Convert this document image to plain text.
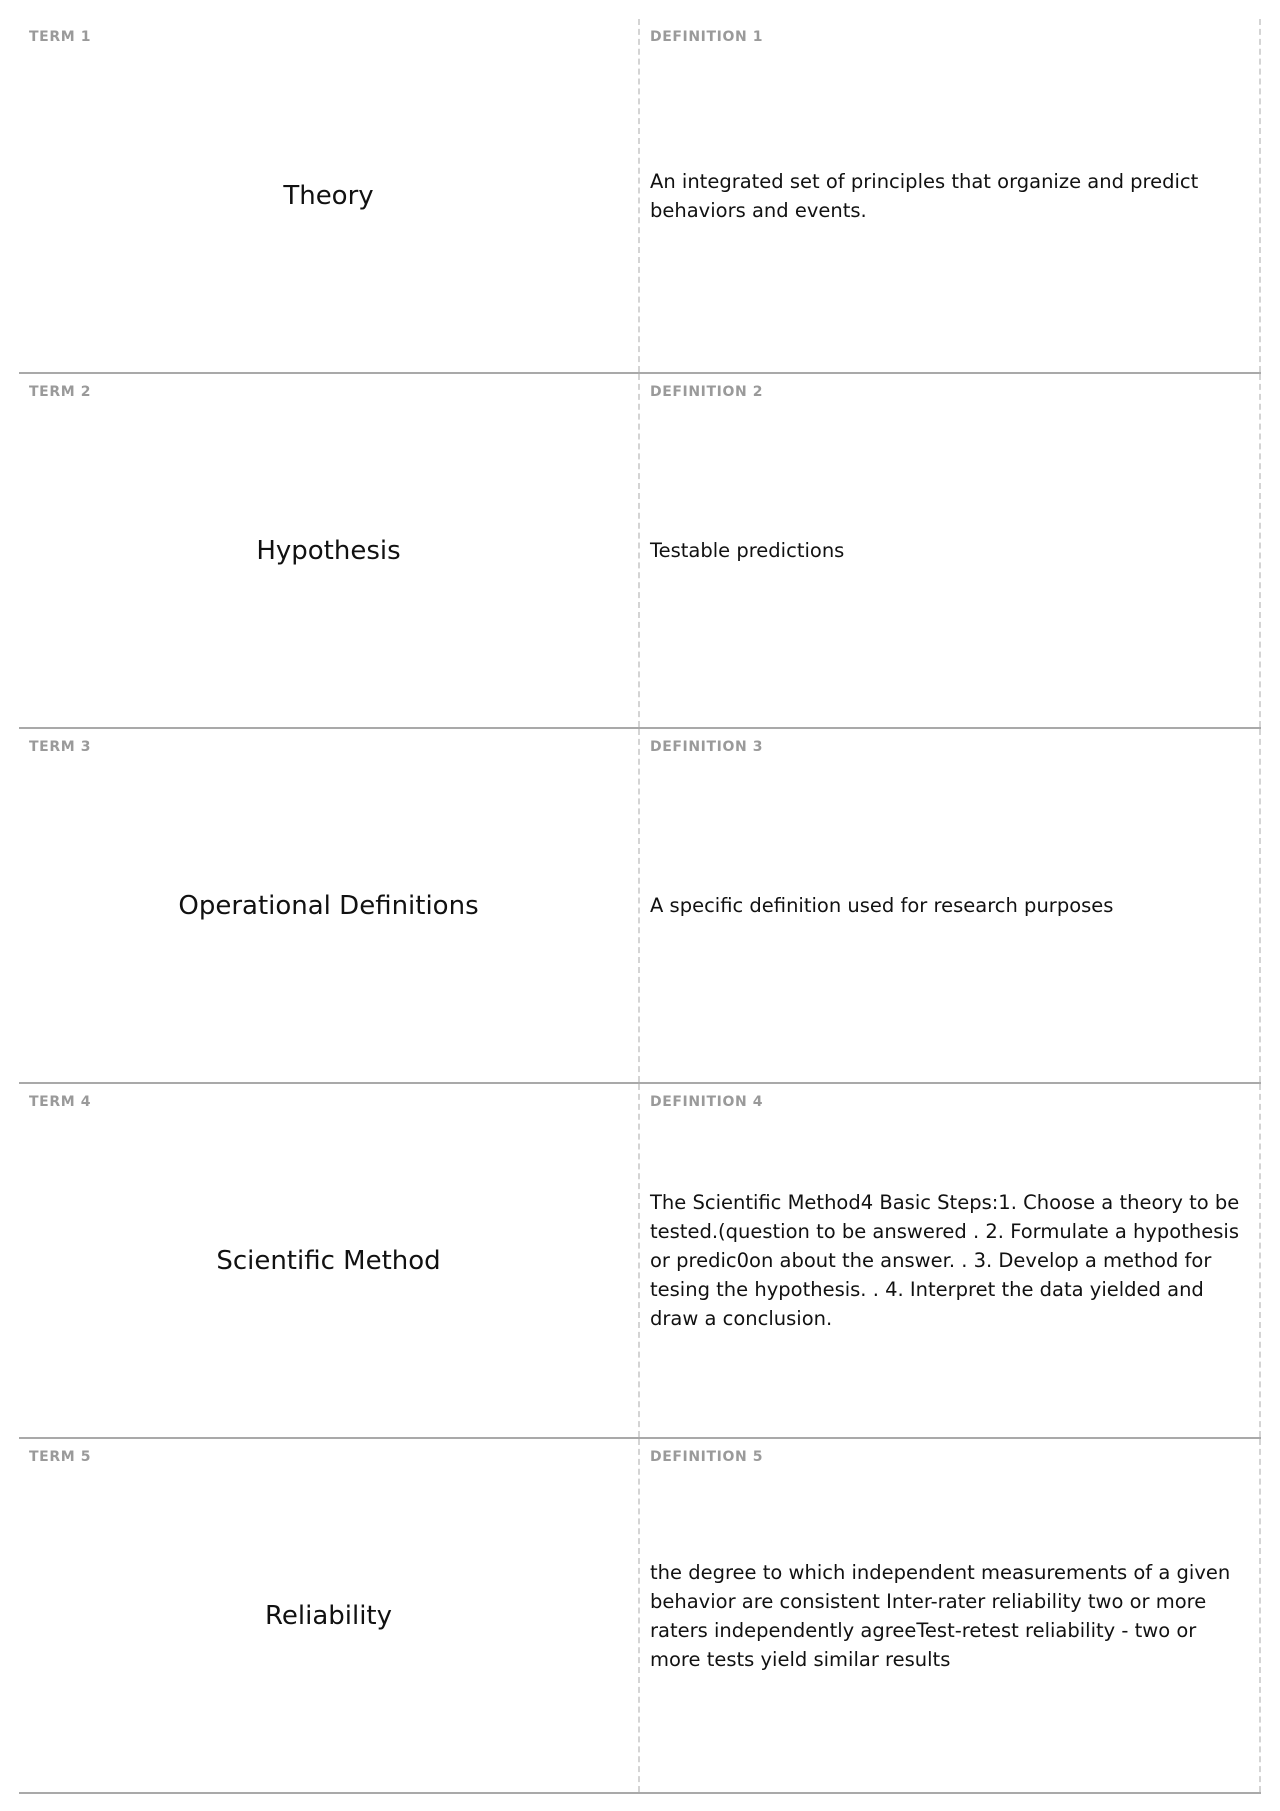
TERM 1
Theory
DEFINITION 1
An integrated set of principles that organize and predict behaviors and events.
TERM 2
Hypothesis
DEFINITION 2
Testable predictions
TERM 3
Operational Definitions
DEFINITION 3
A specific definition used for research purposes
TERM 4
Scientific Method
DEFINITION 4
The Scientific Method4 Basic Steps:1. Choose a theory to be tested.(question to be answered . 2. Formulate a hypothesis or predic0on about the answer. . 3. Develop a method for tesing the hypothesis. . 4. Interpret the data yielded and draw a conclusion.
TERM 5
Reliability
DEFINITION 5
the degree to which independent measurements of a given behavior are consistent Inter-rater reliability two or more raters independently agreeTest-retest reliability - two or more tests yield similar results
